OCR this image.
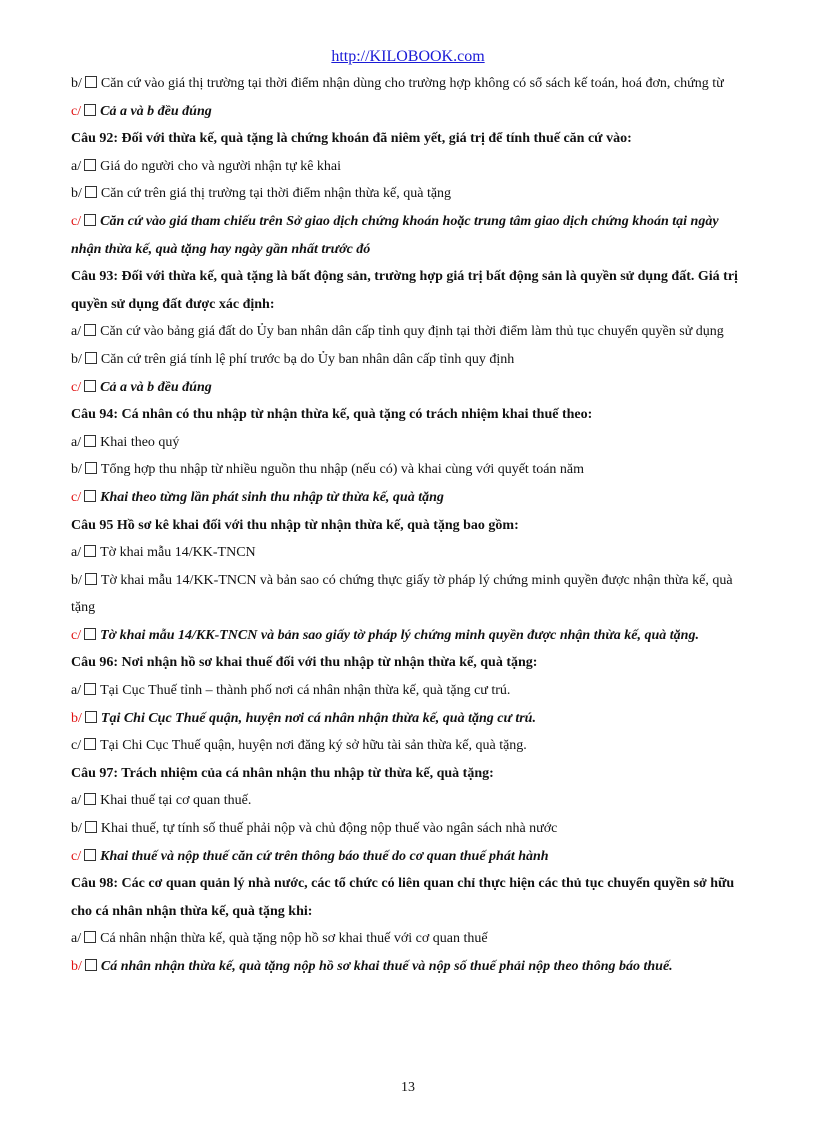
http://KILOBOOK.com
b/ Căn cứ vào giá thị trường tại thời điểm nhận dùng cho trường hợp không có sổ sách kế toán, hoá đơn, chứng từ
c/ Cả a và b đều đúng
Câu 92: Đối với thừa kế, quà tặng là chứng khoán đã niêm yết, giá trị để tính thuế căn cứ vào:
a/ Giá do người cho và người nhận tự kê khai
b/ Căn cứ trên giá thị trường tại thời điểm nhận thừa kế, quà tặng
c/ Căn cứ vào giá tham chiếu trên Sở giao dịch chứng khoán hoặc trung tâm giao dịch chứng khoán tại ngày nhận thừa kế, quà tặng hay ngày gần nhất trước đó
Câu 93: Đối với thừa kế, quà tặng là bất động sản, trường hợp giá trị bất động sản là quyền sử dụng đất. Giá trị quyền sử dụng đất được xác định:
a/ Căn cứ vào bảng giá đất do Ủy ban nhân dân cấp tỉnh quy định tại thời điểm làm thủ tục chuyển quyền sử dụng
b/ Căn cứ trên giá tính lệ phí trước bạ do Ủy ban nhân dân cấp tỉnh quy định
c/ Cả a và b đều đúng
Câu 94: Cá nhân có thu nhập từ nhận thừa kế, quà tặng có trách nhiệm khai thuế theo:
a/ Khai theo quý
b/ Tổng hợp thu nhập từ nhiều nguồn thu nhập (nếu có) và khai cùng với quyết toán năm
c/ Khai theo từng lần phát sinh thu nhập từ thừa kế, quà tặng
Câu 95 Hồ sơ kê khai đối với thu nhập từ nhận thừa kế, quà tặng bao gồm:
a/ Tờ khai mẫu 14/KK-TNCN
b/ Tờ khai mẫu 14/KK-TNCN và bản sao có chứng thực giấy tờ pháp lý chứng minh quyền được nhận thừa kế, quà tặng
c/ Tờ khai mẫu 14/KK-TNCN và bản sao giấy tờ pháp lý chứng minh quyền được nhận thừa kế, quà tặng.
Câu 96: Nơi nhận hồ sơ khai thuế đối với thu nhập từ nhận thừa kế, quà tặng:
a/ Tại Cục Thuế tỉnh – thành phố nơi cá nhân nhận thừa kế, quà tặng cư trú.
b/ Tại Chi Cục Thuế quận, huyện nơi cá nhân nhận thừa kế, quà tặng cư trú.
c/ Tại Chi Cục Thuế quận, huyện nơi đăng ký sở hữu tài sản thừa kế, quà tặng.
Câu 97: Trách nhiệm của cá nhân nhận thu nhập từ thừa kế, quà tặng:
a/ Khai thuế tại cơ quan thuế.
b/ Khai thuế, tự tính số thuế phải nộp và chủ động nộp thuế vào ngân sách nhà nước
c/ Khai thuế và nộp thuế căn cứ trên thông báo thuế do cơ quan thuế phát hành
Câu 98: Các cơ quan quản lý nhà nước, các tổ chức có liên quan chỉ thực hiện các thủ tục chuyển quyền sở hữu cho cá nhân nhận thừa kế, quà tặng khi:
a/ Cá nhân nhận thừa kế, quà tặng nộp hồ sơ khai thuế với cơ quan thuế
b/ Cá nhân nhận thừa kế, quà tặng nộp hồ sơ khai thuế và nộp số thuế phải nộp theo thông báo thuế.
13
